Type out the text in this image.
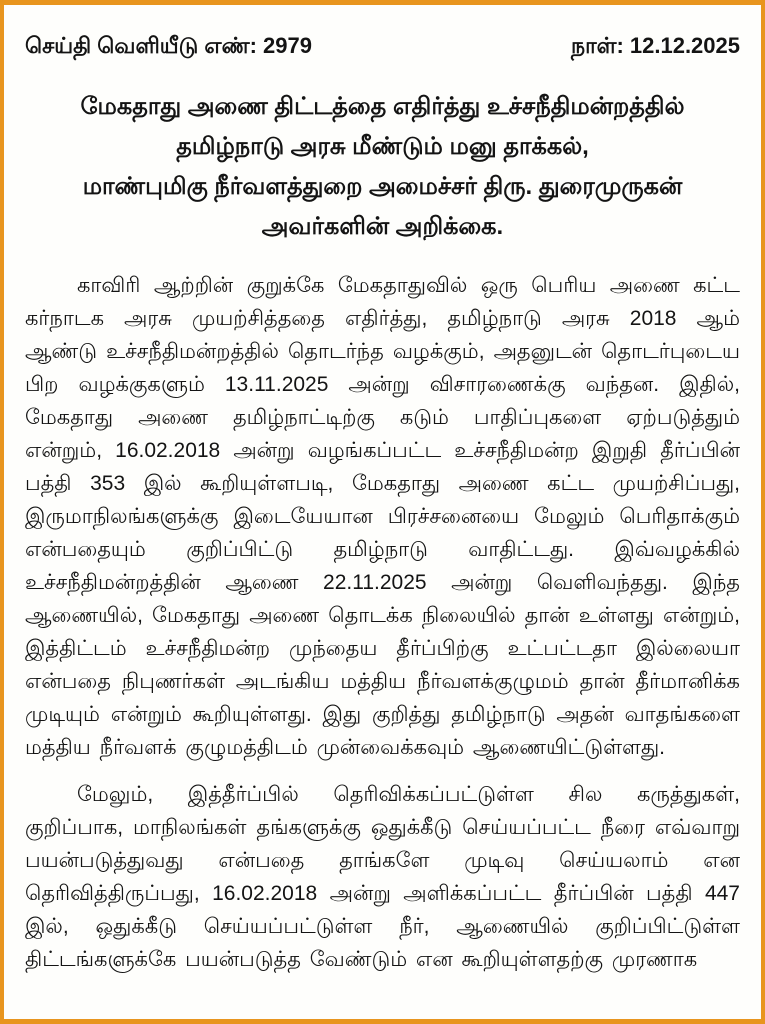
செய்தி வெளியீடு எண்: 2979	நாள்: 12.12.2025
மேகதாது அணை திட்டத்தை எதிர்த்து உச்சநீதிமன்றத்தில்
தமிழ்நாடு அரசு மீண்டும் மனு தாக்கல்,
மாண்புமிகு நீர்வளத்துறை அமைச்சர் திரு. துரைமுருகன்
அவர்களின் அறிக்கை.

காவிரி ஆற்றின் குறுக்கே மேகதாதுவில் ஒரு பெரிய அணை கட்ட கர்நாடக அரசு முயற்சித்ததை எதிர்த்து, தமிழ்நாடு அரசு 2018 ஆம் ஆண்டு உச்சநீதிமன்றத்தில் தொடர்ந்த வழக்கும், அதனுடன் தொடர்புடைய பிற வழக்குகளும் 13.11.2025 அன்று விசாரணைக்கு வந்தன. இதில், மேகதாது அணை தமிழ்நாட்டிற்கு கடும் பாதிப்புகளை ஏற்படுத்தும் என்றும், 16.02.2018 அன்று வழங்கப்பட்ட உச்சநீதிமன்ற இறுதி தீர்ப்பின் பத்தி 353 இல் கூறியுள்ளபடி, மேகதாது அணை கட்ட முயற்சிப்பது, இருமாநிலங்களுக்கு இடையேயான பிரச்சனையை மேலும் பெரிதாக்கும் என்பதையும் குறிப்பிட்டு தமிழ்நாடு வாதிட்டது. இவ்வழக்கில் உச்சநீதிமன்றத்தின் ஆணை 22.11.2025 அன்று வெளிவந்தது. இந்த ஆணையில், மேகதாது அணை தொடக்க நிலையில் தான் உள்ளது என்றும், இத்திட்டம் உச்சநீதிமன்ற முந்தைய தீர்ப்பிற்கு உட்பட்டதா இல்லையா என்பதை நிபுணர்கள் அடங்கிய மத்திய நீர்வளக்குழுமம் தான் தீர்மானிக்க முடியும் என்றும் கூறியுள்ளது. இது குறித்து தமிழ்நாடு அதன் வாதங்களை மத்திய நீர்வளக் குழுமத்திடம் முன்வைக்கவும் ஆணையிட்டுள்ளது.

மேலும், இத்தீர்ப்பில் தெரிவிக்கப்பட்டுள்ள சில கருத்துகள், குறிப்பாக, மாநிலங்கள் தங்களுக்கு ஒதுக்கீடு செய்யப்பட்ட நீரை எவ்வாறு பயன்படுத்துவது என்பதை தாங்களே முடிவு செய்யலாம் என தெரிவித்திருப்பது, 16.02.2018 அன்று அளிக்கப்பட்ட தீர்ப்பின் பத்தி 447 இல், ஒதுக்கீடு செய்யப்பட்டுள்ள நீர், ஆணையில் குறிப்பிட்டுள்ள திட்டங்களுக்கே பயன்படுத்த வேண்டும் என கூறியுள்ளதற்கு முரணாக
